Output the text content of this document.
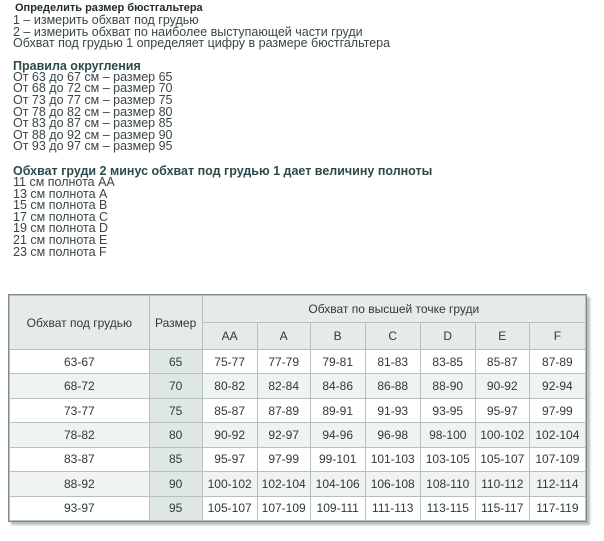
Определить размер бюстгальтера
1 – измерить обхват под грудью
2 – измерить обхват по наиболее выступающей части груди
Обхват под грудью 1 определяет цифру в размере бюстгальтера
Правила округления
От 63 до 67 см – размер 65
От 68 до 72 см – размер 70
От 73 до 77 см – размер 75
От 78 до 82 см – размер 80
От 83 до 87 см – размер 85
От 88 до 92 см – размер 90
От 93 до 97 см – размер 95
Обхват груди 2 минус обхват под грудью 1 дает величину полноты
11 см полнота АА
13 см полнота А
15 см полнота В
17 см полнота С
19 см полнота D
21 см полнота Е
23 см полнота F
Обхват под грудью	Размер	Обхват по высшей точке груди						
		AA	A	B	C	D	E	F
63-67	65	75-77	77-79	79-81	81-83	83-85	85-87	87-89
68-72	70	80-82	82-84	84-86	86-88	88-90	90-92	92-94
73-77	75	85-87	87-89	89-91	91-93	93-95	95-97	97-99
78-82	80	90-92	92-97	94-96	96-98	98-100	100-102	102-104
83-87	85	95-97	97-99	99-101	101-103	103-105	105-107	107-109
88-92	90	100-102	102-104	104-106	106-108	108-110	110-112	112-114
93-97	95	105-107	107-109	109-111	111-113	113-115	115-117	117-119
